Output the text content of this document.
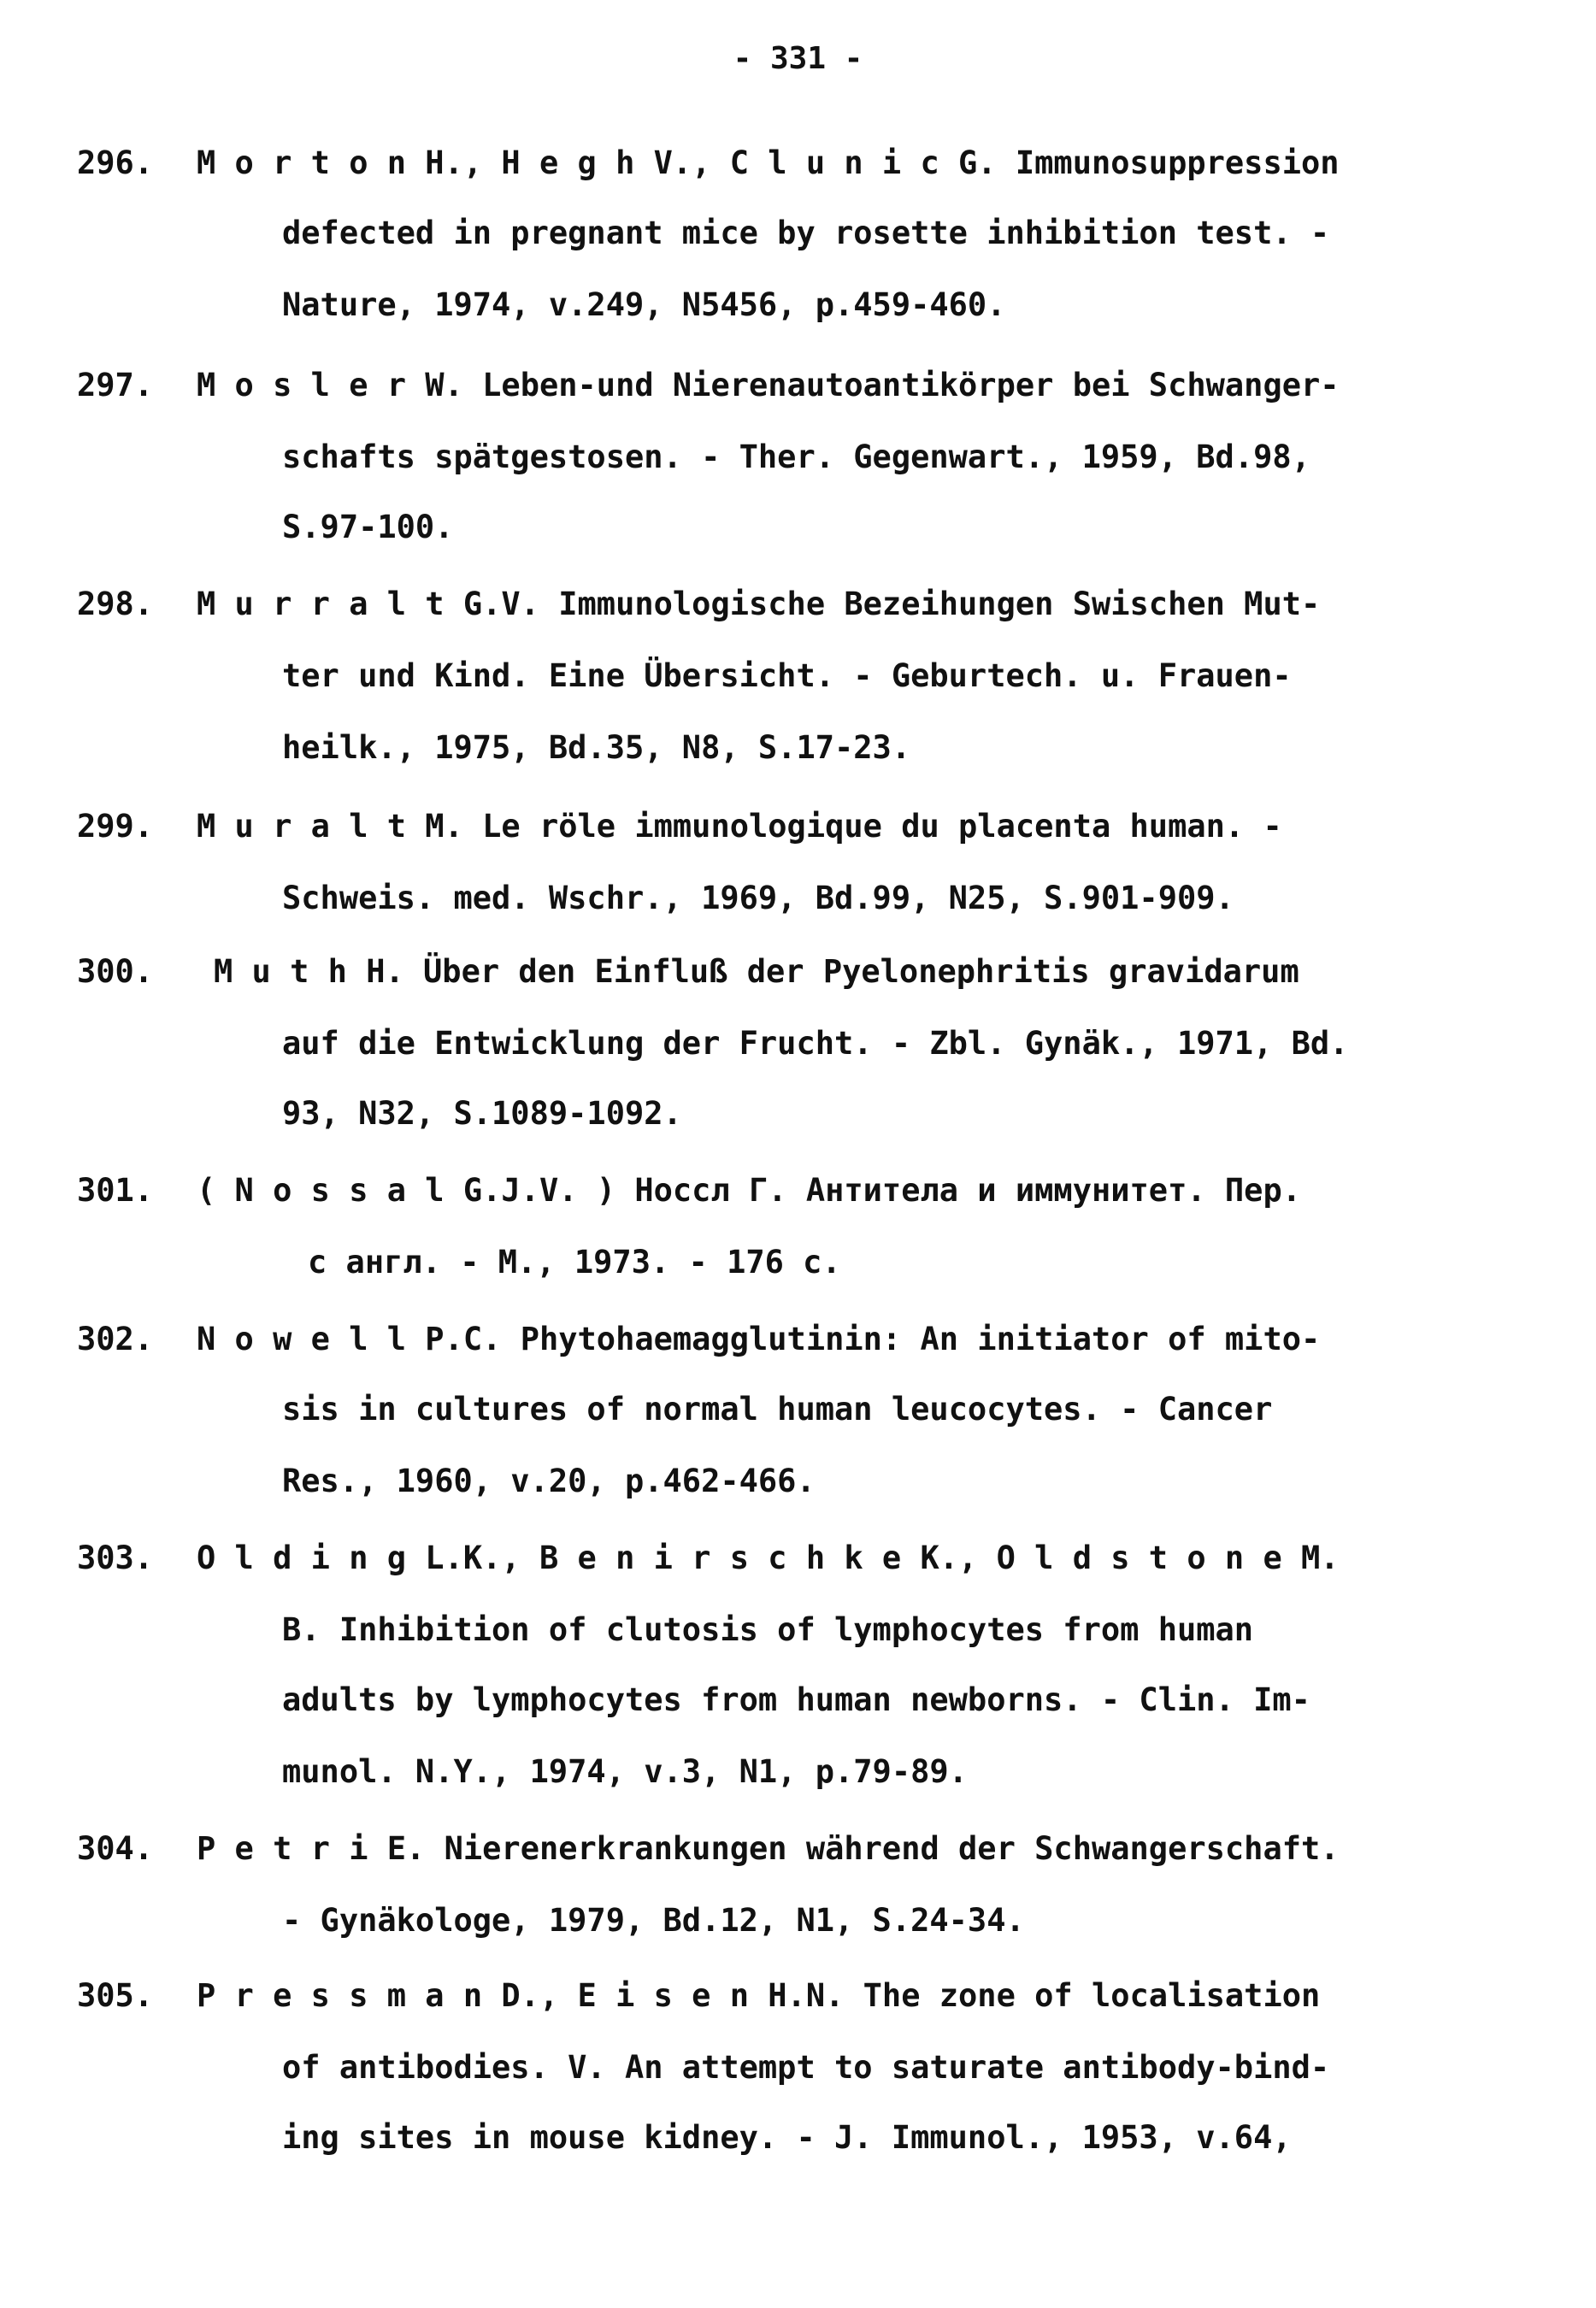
- 331 -
296. M o r t o n H., H e g h V., C l u n i c G. Immunosuppression
defected in pregnant mice by rosette inhibition test. -
Nature, 1974, v.249, N5456, p.459-460.
297. M o s l e r W. Leben-und Nierenautoantikörper bei Schwanger-
schafts spätgestosen. - Ther. Gegenwart., 1959, Bd.98,
S.97-100.
298. M u r r a l t G.V. Immunologische Bezeihungen Swischen Mut-
ter und Kind. Eine Übersicht. - Geburtech. u. Frauen-
heilk., 1975, Bd.35, N8, S.17-23.
299. M u r a l t M. Le röle immunologique du placenta human. -
Schweis. med. Wschr., 1969, Bd.99, N25, S.901-909.
300. M u t h H. Über den Einfluß der Pyelonephritis gravidarum
auf die Entwicklung der Frucht. - Zbl. Gynäk., 1971, Bd.
93, N32, S.1089-1092.
301. ( N o s s a l G.J.V. ) Носсл Г. Антитела и иммунитет. Пер.
с англ. - М., 1973. - 176 с.
302. N o w e l l P.C. Phytohaemagglutinin: An initiator of mito-
sis in cultures of normal human leucocytes. - Cancer
Res., 1960, v.20, p.462-466.
303. O l d i n g L.K., B e n i r s c h k e K., O l d s t o n e M.
B. Inhibition of clutosis of lymphocytes from human
adults by lymphocytes from human newborns. - Clin. Im-
munol. N.Y., 1974, v.3, N1, p.79-89.
304. P e t r i E. Nierenerkrankungen während der Schwangerschaft.
- Gynäkologe, 1979, Bd.12, N1, S.24-34.
305. P r e s s m a n D., E i s e n H.N. The zone of localisation
of antibodies. V. An attempt to saturate antibody-bind-
ing sites in mouse kidney. - J. Immunol., 1953, v.64,
